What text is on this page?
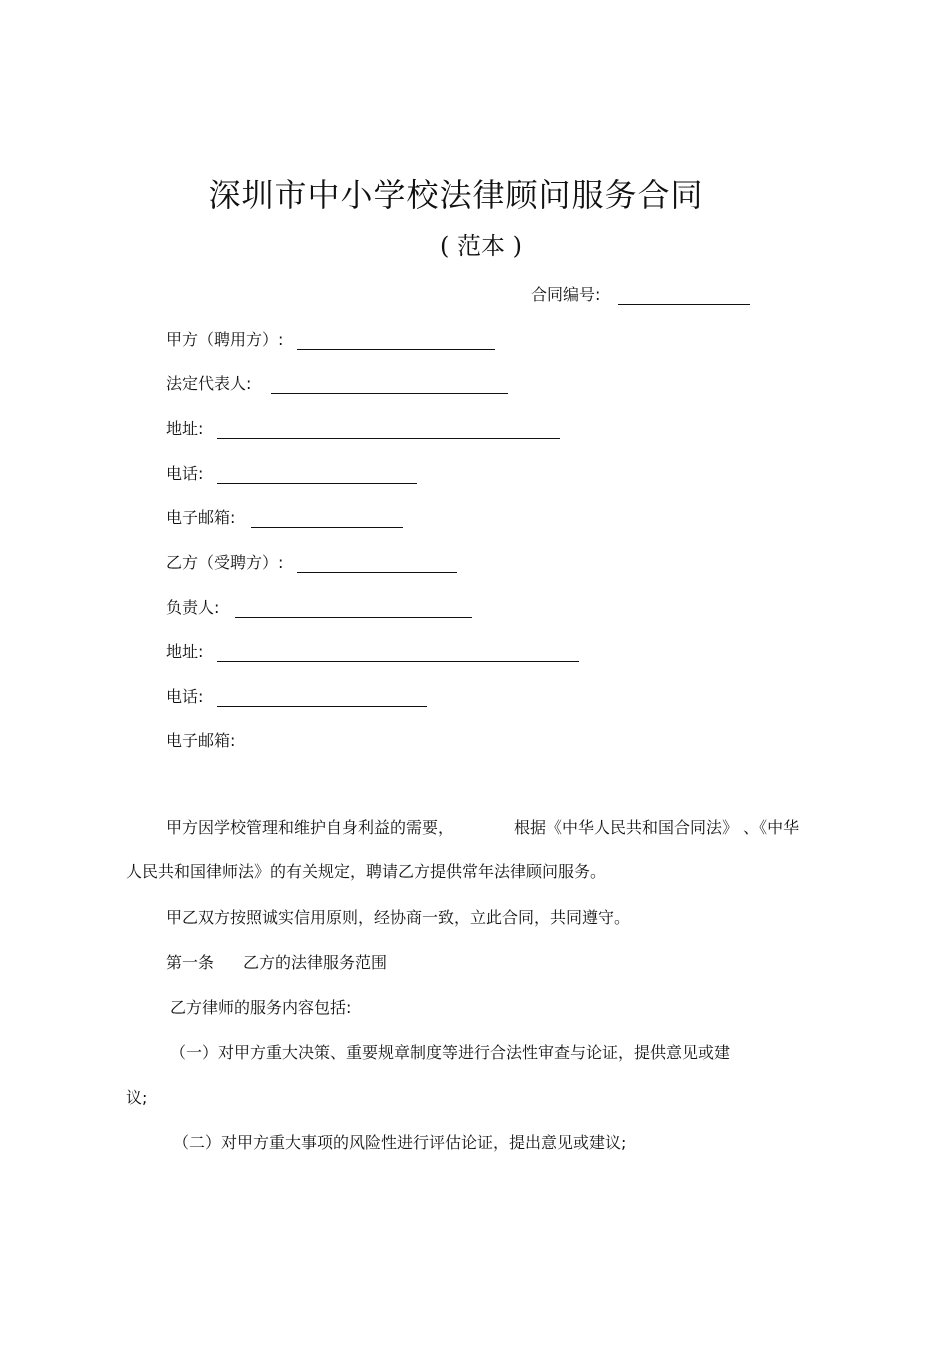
深圳市中小学校法律顾问服务合同
( 范本 )
合同编号:
甲方（聘用方）:
法定代表人:
地址:
电话:
电子邮箱:
乙方（受聘方）:
负责人:
地址:
电话:
电子邮箱:
甲方因学校管理和维护自身利益的需要，	根据《中华人民共和国合同法》 、《中华
人民共和国律师法》的有关规定，聘请乙方提供常年法律顾问服务。
甲乙双方按照诚实信用原则，经协商一致，立此合同，共同遵守。
第一条 乙方的法律服务范围
乙方律师的服务内容包括:
（一）对甲方重大决策、重要规章制度等进行合法性审查与论证，提供意见或建
议;
（二）对甲方重大事项的风险性进行评估论证，提出意见或建议;
